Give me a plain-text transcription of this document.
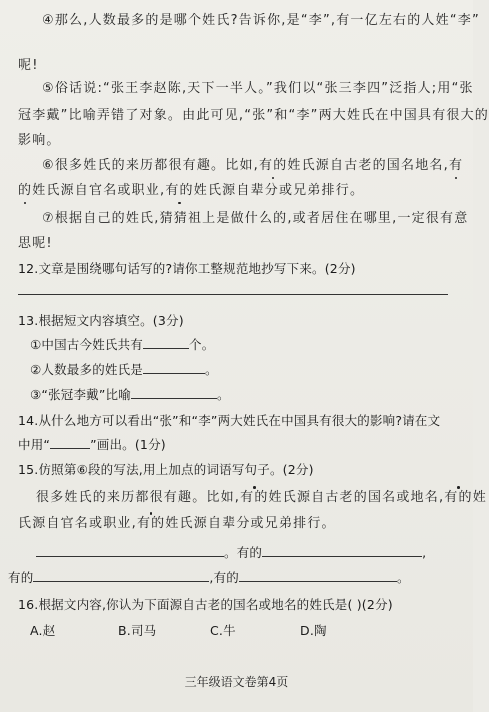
④那么,人数最多的是哪个姓氏?告诉你,是“李”,有一亿左右的人姓“李”
呢!
⑤俗话说:“张王李赵陈,天下一半人。”我们以“张三李四”泛指人;用“张
冠李戴”比喻弄错了对象。由此可见,“张”和“李”两大姓氏在中国具有很大的
影响。
⑥很多姓氏的来历都很有趣。比如,有的姓氏源自古老的国名地名,有
的姓氏源自官名或职业,有的姓氏源自辈分或兄弟排行。
⑦根据自己的姓氏,猜猜祖上是做什么的,或者居住在哪里,一定很有意
思呢!
12.文章是围绕哪句话写的?请你工整规范地抄写下来。(2分)
13.根据短文内容填空。(3分)
①中国古今姓氏共有	个。
②人数最多的姓氏是	。
③“张冠李戴”比喻	。
14.从什么地方可以看出“张”和“李”两大姓氏在中国具有很大的影响?请在文
中用“	”画出。(1分)
15.仿照第⑥段的写法,用上加点的词语写句子。(2分)
很多姓氏的来历都很有趣。比如,有的姓氏源自古老的国名或地名,有的姓
氏源自官名或职业,有的姓氏源自辈分或兄弟排行。
。有的	,
有的	,有的	。
16.根据文内容,你认为下面源自古老的国名或地名的姓氏是( )(2分)
A.赵	B.司马	C.牛	D.陶
三年级语文卷第4页
